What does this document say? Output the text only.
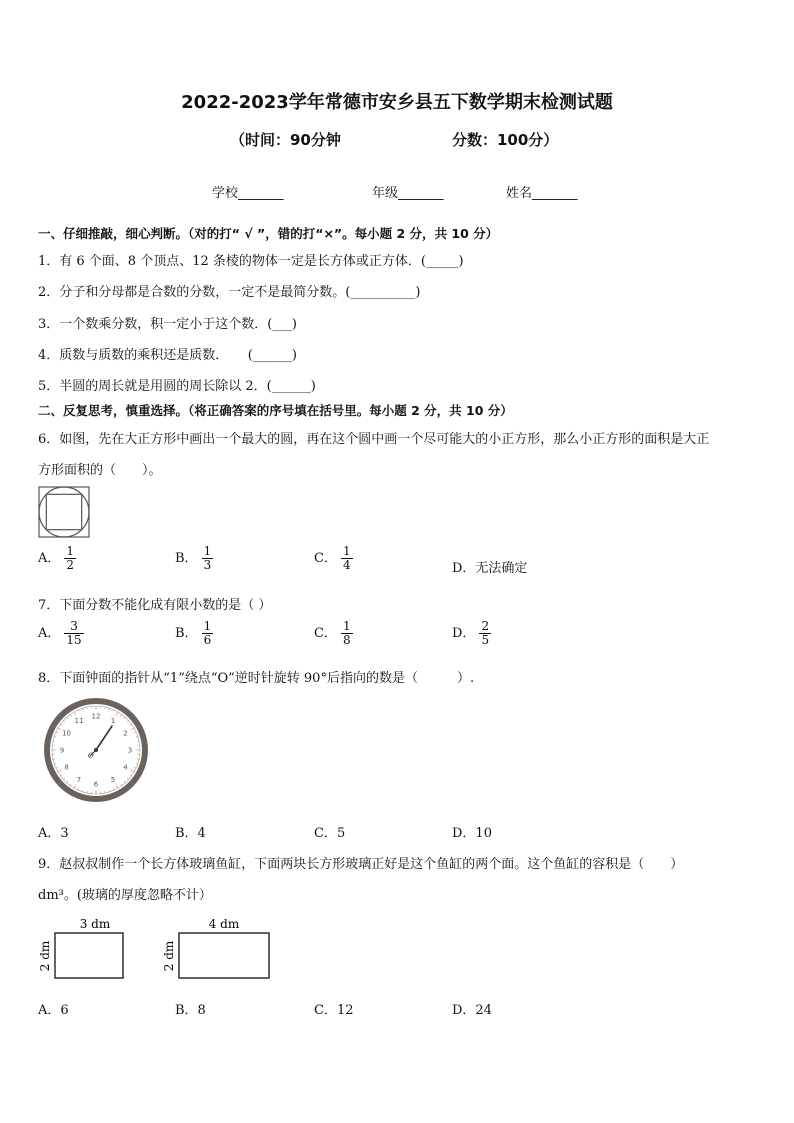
2022-2023学年常德市安乡县五下数学期末检测试题
（时间：90分钟	分数：100分）
学校_______	年级_______	姓名_______
一、仔细推敲，细心判断。（对的打“ √ ”，错的打“×”。每小题 2 分，共 10 分）
1．有 6 个面、8 个顶点、12 条棱的物体一定是长方体或正方体．(_____)
2．分子和分母都是合数的分数，一定不是最简分数。(__________)
3．一个数乘分数，积一定小于这个数．(___)
4．质数与质数的乘积还是质数．　　(______)
5．半圆的周长就是用圆的周长除以 2．(______)
二、反复思考，慎重选择。（将正确答案的序号填在括号里。每小题 2 分，共 10 分）
6．如图，先在大正方形中画出一个最大的圆，再在这个圆中画一个尽可能大的小正方形，那么小正方形的面积是大正
方形面积的（　　）。
A． $\frac{1}{2}$	B． $\frac{1}{3}$	C． $\frac{1}{4}$	D．无法确定
7．下面分数不能化成有限小数的是（ ）
A． $\frac{3}{15}$	B． $\frac{1}{6}$	C． $\frac{1}{8}$	D． $\frac{2}{5}$
8．下面钟面的指针从“1”绕点“O”逆时针旋转 90°后指向的数是（　　　）.
12
1
2
3
4
5
6
7
8
9
10
11
O
A．3	B．4	C．5	D．10
9．赵叔叔制作一个长方体玻璃鱼缸，下面两块长方形玻璃正好是这个鱼缸的两个面。这个鱼缸的容积是（　　）
dm³。(玻璃的厚度忽略不计）
3 dm
2 dm
4 dm
2 dm
A．6	B．8	C．12	D．24
